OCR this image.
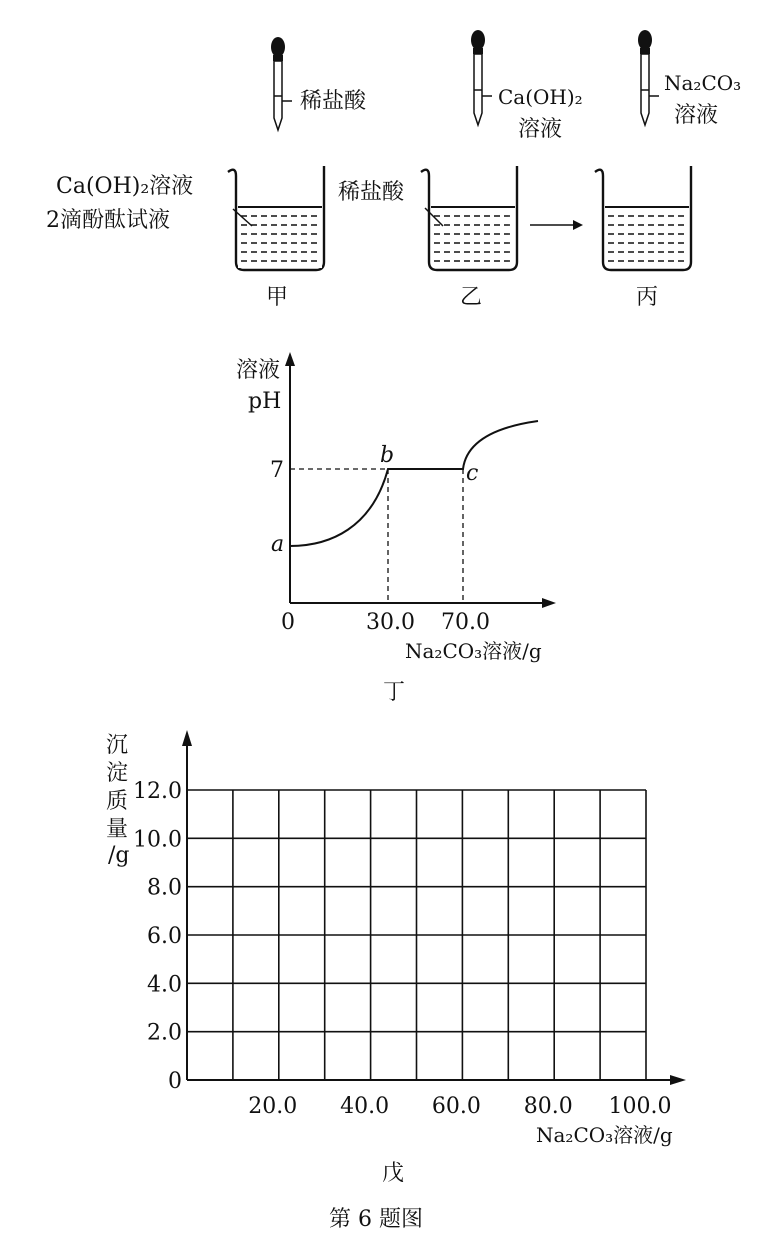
稀盐酸	Ca(OH)₂
溶液
Na₂CO₃
溶液
Ca(OH)₂溶液
2滴酚酞试液
甲
稀盐酸
乙	丙
溶液
pH
7
a
b
c
0	30.0 70.0
Na₂CO₃溶液/g
丁
0
2.0
4.0
6.0
8.0
10.0
12.0
20.0 40.0 60.0 80.0 100.0
沉
淀
质
量
/g
Na₂CO₃溶液/g
戊
第 6 题图
